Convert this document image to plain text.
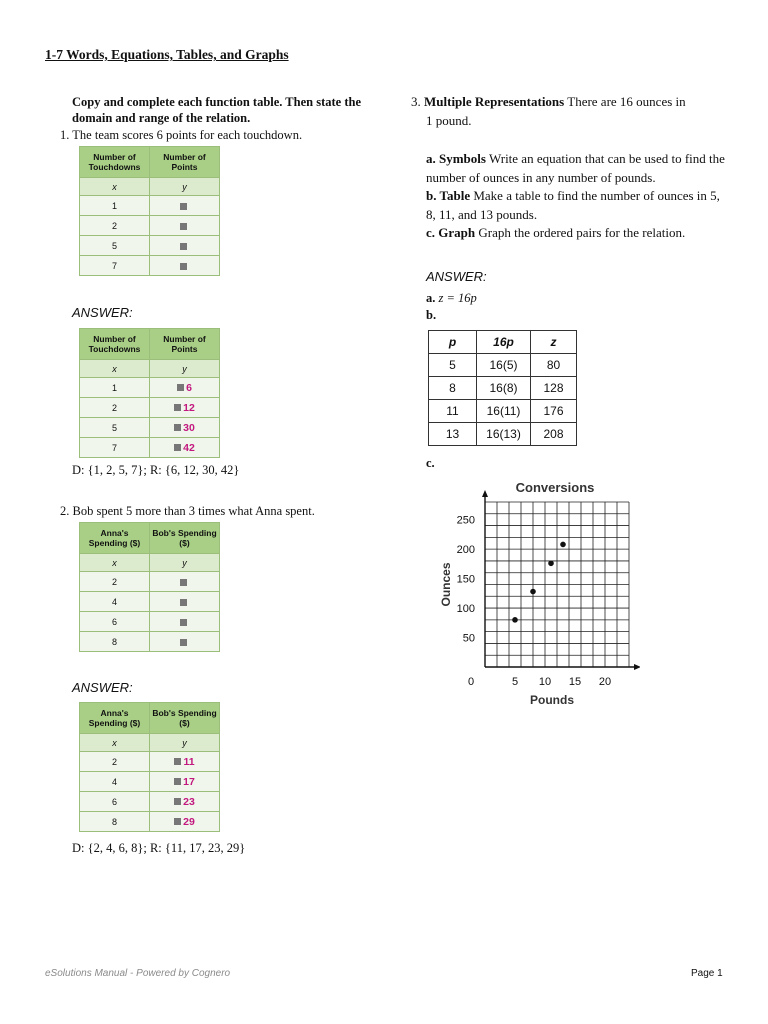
1-7 Words, Equations, Tables, and Graphs
Copy and complete each function table. Then state the domain and range of the relation.
1. The team scores 6 points for each touchdown.
Number of Touchdowns	Number of Points
x	y
1	
2	
5	
7	
ANSWER:
Number of Touchdowns	Number of Points
x	y
1	6
2	12
5	30
7	42
D: {1, 2, 5, 7}; R: {6, 12, 30, 42}
2. Bob spent 5 more than 3 times what Anna spent.
Anna's Spending ($)	Bob's Spending ($)
x	y
2	
4	
6	
8	
ANSWER:
Anna's Spending ($)	Bob's Spending ($)
x	y
2	11
4	17
6	23
8	29
D: {2, 4, 6, 8}; R: {11, 17, 23, 29}
3. Multiple Representations There are 16 ounces in
1 pound.
a. Symbols Write an equation that can be used to find the number of ounces in any number of pounds.
b. Table Make a table to find the number of ounces in 5, 8, 11, and 13 pounds.
c. Graph Graph the ordered pairs for the relation.
ANSWER:
a. z = 16p
b.
p	16p	z
5	16(5)	80
8	16(8)	128
11	16(11)	176
13	16(13)	208
c.
0	5 10 15 20
50
100
150
200
250
Conversions
Pounds
Ounces
eSolutions Manual - Powered by Cognero	Page 1
